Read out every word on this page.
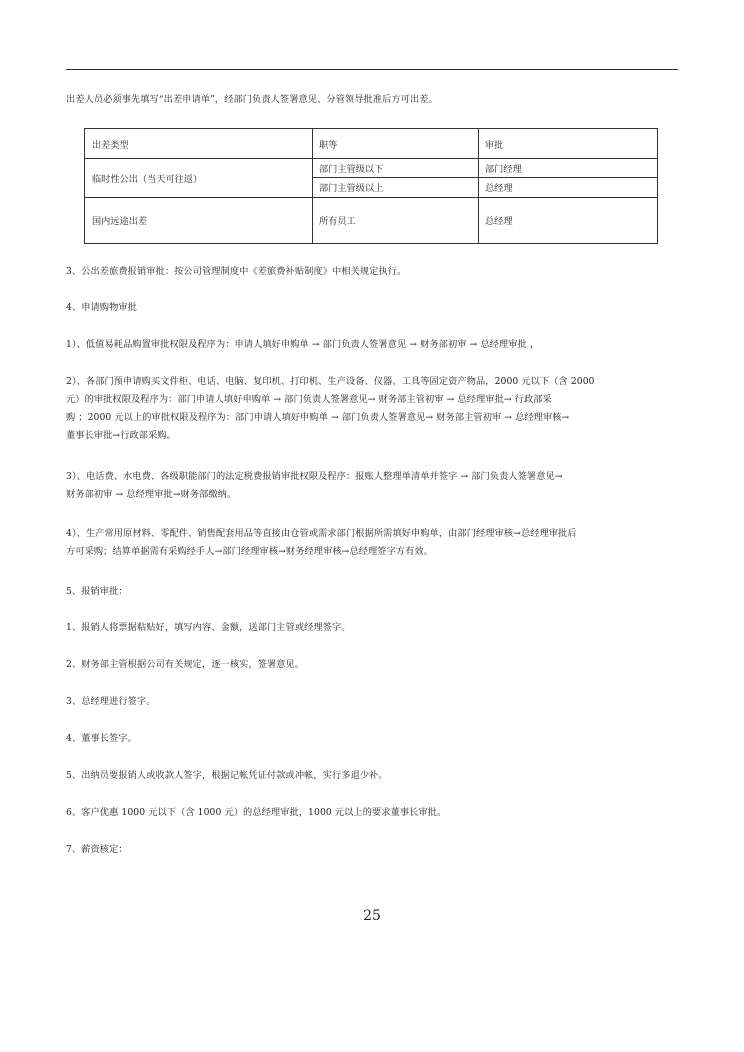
出差人员必须事先填写“出差申请单”，经部门负责人签署意见、分管领导批准后方可出差。
出差类型	职等	审批
临时性公出（当天可往返）
部门主管级以下	部门经理
部门主管级以上	总经理
国内远途出差	所有员工	总经理
3、公出差旅费报销审批：按公司管理制度中《差旅费补贴制度》中相关规定执行。
4、申请购物审批
1）、低值易耗品购置审批权限及程序为：申请人填好申购单 → 部门负责人签署意见 → 财务部初审 → 总经理审批 ，
2）、各部门预申请购买文件柜、电话、电脑、复印机、打印机、生产设备、仪器、工具等固定资产物品，2000 元以下（含 2000
元）的审批权限及程序为：部门申请人填好申购单 → 部门负责人签署意见→ 财务部主管初审 → 总经理审批→ 行政部采
购 ；2000 元以上的审批权限及程序为：部门申请人填好申购单 → 部门负责人签署意见→ 财务部主管初审 → 总经理审核→
董事长审批→行政部采购。
3）、电话费、水电费、各级职能部门的法定税费报销审批权限及程序：报账人整理单清单并签字 → 部门负责人签署意见→
财务部初审 → 总经理审批→财务部缴纳。
4）、生产常用原材料、零配件、销售配套用品等直接由仓管或需求部门根据所需填好申购单，由部门经理审核→总经理审批后
方可采购；结算单据需有采购经手人→部门经理审核→财务经理审核→总经理签字方有效。
5、报销审批：
1、报销人将票据粘贴好，填写内容、金额，送部门主管或经理签字。
2、财务部主管根据公司有关规定，逐一核实，签署意见。
3、总经理进行签字。
4、董事长签字。
5、出纳员要报销人或收款人签字，根据记帐凭证付款或冲帐，实行多退少补。
6、客户优惠 1000 元以下（含 1000 元）的总经理审批，1000 元以上的要求董事长审批。
7、薪资核定：
25
